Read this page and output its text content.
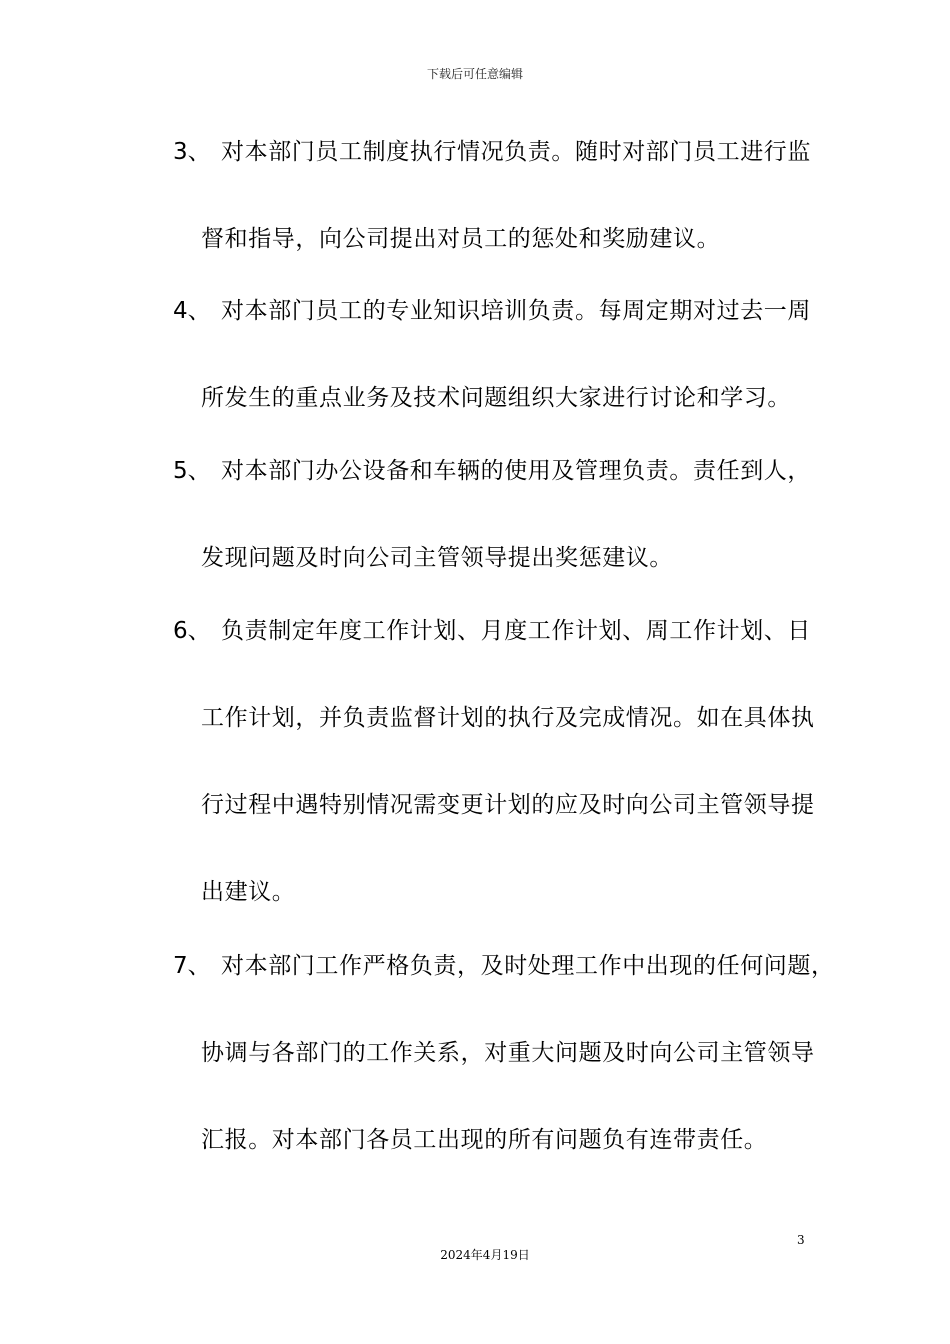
下载后可任意编辑
3、 对本部门员工制度执行情况负责。随时对部门员工进行监
督和指导，向公司提出对员工的惩处和奖励建议。
4、 对本部门员工的专业知识培训负责。每周定期对过去一周
所发生的重点业务及技术问题组织大家进行讨论和学习。
5、 对本部门办公设备和车辆的使用及管理负责。责任到人，
发现问题及时向公司主管领导提出奖惩建议。
6、 负责制定年度工作计划、月度工作计划、周工作计划、日
工作计划，并负责监督计划的执行及完成情况。如在具体执
行过程中遇特别情况需变更计划的应及时向公司主管领导提
出建议。
7、 对本部门工作严格负责，及时处理工作中出现的任何问题，
协调与各部门的工作关系，对重大问题及时向公司主管领导
汇报。对本部门各员工出现的所有问题负有连带责任。
3
2024年4月19日
